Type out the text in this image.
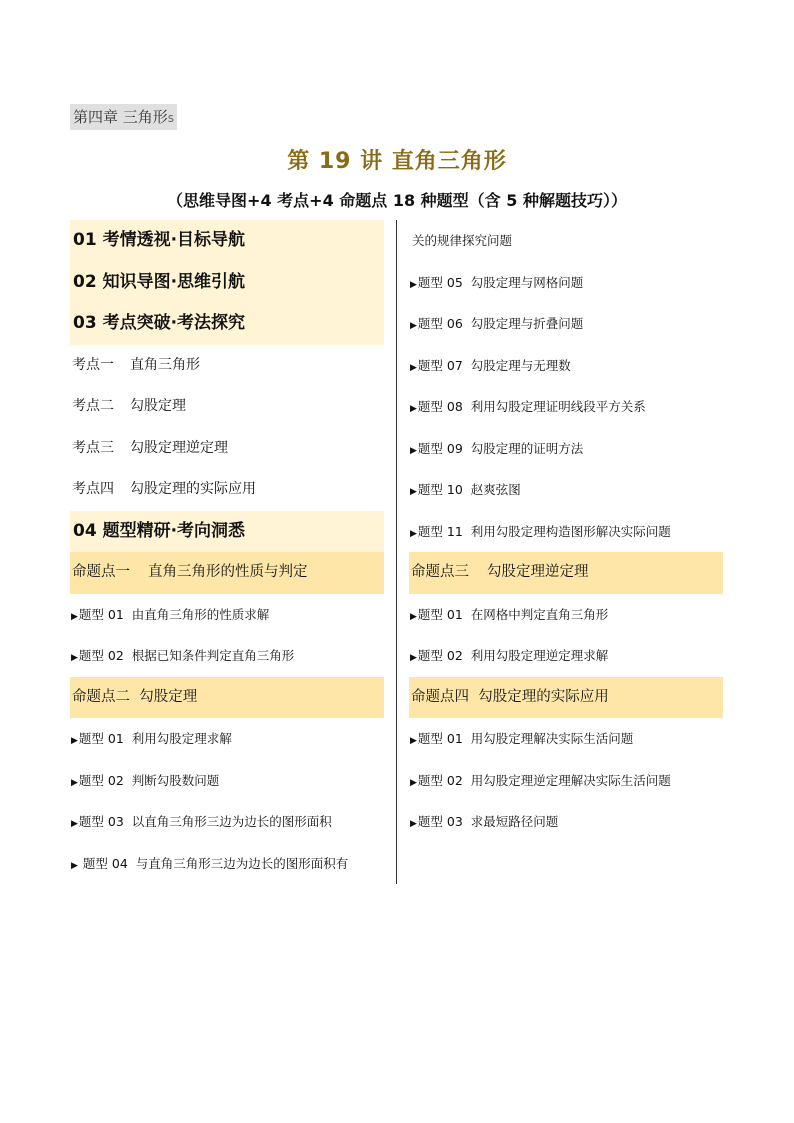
第四章 三角形s
第 19 讲 直角三角形
（思维导图+4 考点+4 命题点 18 种题型（含 5 种解题技巧））
01 考情透视·目标导航
02 知识导图·思维引航
03 考点突破·考法探究
考点一 直角三角形
考点二 勾股定理
考点三 勾股定理逆定理
考点四 勾股定理的实际应用
04 题型精研·考向洞悉
命题点一 直角三角形的性质与判定
▶题型 01 由直角三角形的性质求解
▶题型 02 根据已知条件判定直角三角形
命题点二 勾股定理
▶题型 01 利用勾股定理求解
▶题型 02 判断勾股数问题
▶题型 03 以直角三角形三边为边长的图形面积
▶ 题型 04 与直角三角形三边为边长的图形面积有
关的规律探究问题
▶题型 05 勾股定理与网格问题
▶题型 06 勾股定理与折叠问题
▶题型 07 勾股定理与无理数
▶题型 08 利用勾股定理证明线段平方关系
▶题型 09 勾股定理的证明方法
▶题型 10 赵爽弦图
▶题型 11 利用勾股定理构造图形解决实际问题
命题点三 勾股定理逆定理
▶题型 01 在网格中判定直角三角形
▶题型 02 利用勾股定理逆定理求解
命题点四 勾股定理的实际应用
▶题型 01 用勾股定理解决实际生活问题
▶题型 02 用勾股定理逆定理解决实际生活问题
▶题型 03 求最短路径问题
